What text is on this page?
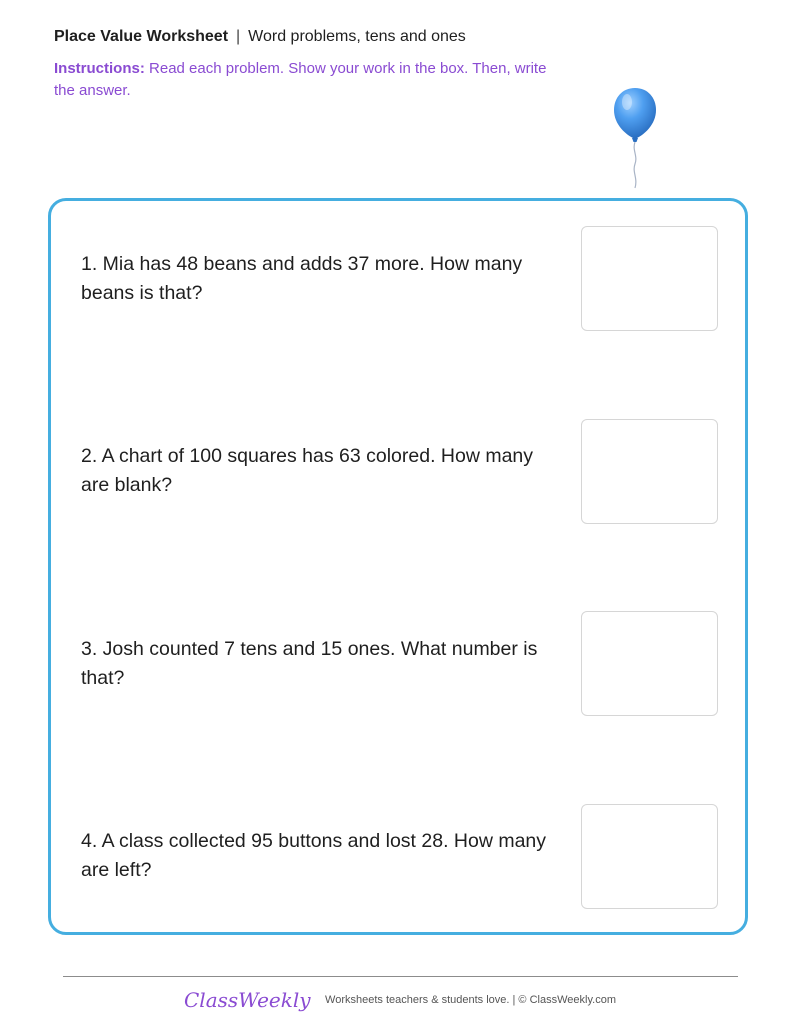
Place Value Worksheet | Word problems, tens and ones
Instructions: Read each problem. Show your work in the box. Then, write the answer.
1. Mia has 48 beans and adds 37 more. How many beans is that?
2. A chart of 100 squares has 63 colored. How many are blank?
3. Josh counted 7 tens and 15 ones. What number is that?
4. A class collected 95 buttons and lost 28. How many are left?
ClassWeekly Worksheets teachers & students love. | © ClassWeekly.com
